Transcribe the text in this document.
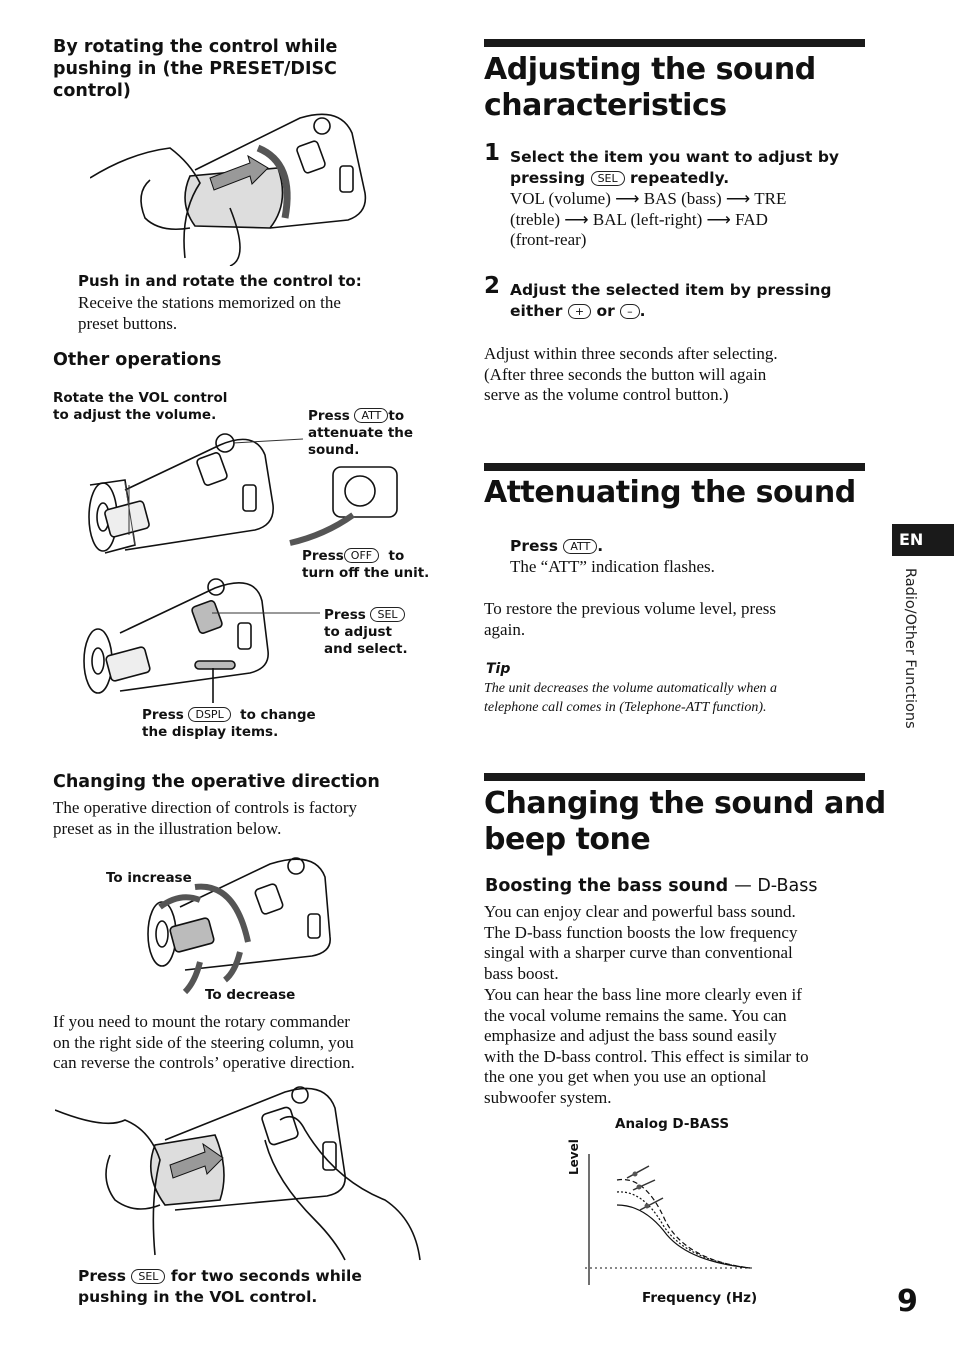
By rotating the control while
pushing in (the PRESET/DISC
control)
Push in and rotate the control to:
Receive the stations memorized on the
preset buttons.
Other operations
Rotate the VOL control
to adjust the volume.	Press ATT to
attenuate the
sound.
Press OFF to
turn off the unit.
Press SEL
to adjust
and select.
Press DSPL to change
the display items.
Changing the operative direction
The operative direction of controls is factory
preset as in the illustration below.
To increase
To decrease
If you need to mount the rotary commander
on the right side of the steering column, you
can reverse the controls’ operative direction.
Press SEL for two seconds while
pushing in the VOL control.
Adjusting the sound
characteristics
1 Select the item you want to adjust by
pressing SEL repeatedly.
VOL (volume) ⟶ BAS (bass) ⟶ TRE
(treble) ⟶ BAL (left-right) ⟶ FAD
(front-rear)
2 Adjust the selected item by pressing
either + or – .
Adjust within three seconds after selecting.
(After three seconds the button will again
serve as the volume control button.)
Attenuating the sound
Press ATT .
The “ATT” indication flashes.
To restore the previous volume level, press
again.
Tip
The unit decreases the volume automatically when a
telephone call comes in (Telephone-ATT function).
Changing the sound and
beep tone
Boosting the bass sound — D-Bass
You can enjoy clear and powerful bass sound.
The D-bass function boosts the low frequency
singal with a sharper curve than conventional
bass boost.
You can hear the bass line more clearly even if
the vocal volume remains the same. You can
emphasize and adjust the bass sound easily
with the D-bass control. This effect is similar to
the one you get when you use an optional
subwoofer system.
Analog D-BASS
Level
Frequency (Hz)
EN
Radio/Other Functions
9
